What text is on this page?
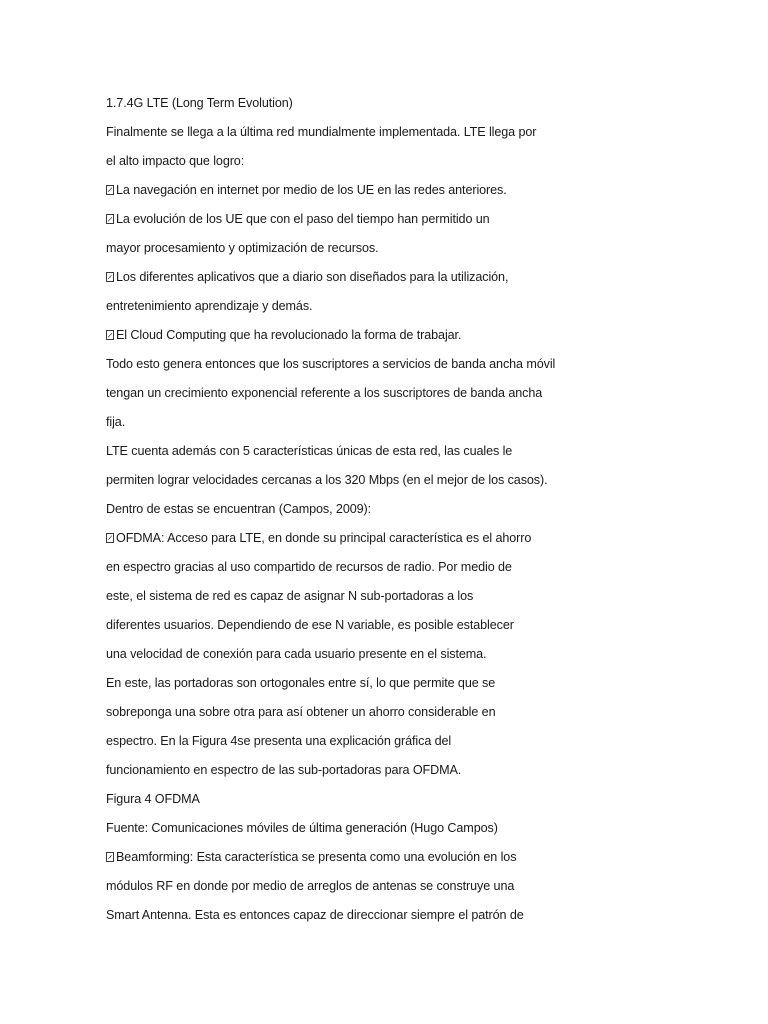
1.7.4G LTE (Long Term Evolution)
Finalmente se llega a la última red mundialmente implementada. LTE llega por
el alto impacto que logro:
La navegación en internet por medio de los UE en las redes anteriores.
La evolución de los UE que con el paso del tiempo han permitido un
mayor procesamiento y optimización de recursos.
Los diferentes aplicativos que a diario son diseñados para la utilización,
entretenimiento aprendizaje y demás.
El Cloud Computing que ha revolucionado la forma de trabajar.
Todo esto genera entonces que los suscriptores a servicios de banda ancha móvil
tengan un crecimiento exponencial referente a los suscriptores de banda ancha
fija.
LTE cuenta además con 5 características únicas de esta red, las cuales le
permiten lograr velocidades cercanas a los 320 Mbps (en el mejor de los casos).
Dentro de estas se encuentran (Campos, 2009):
OFDMA: Acceso para LTE, en donde su principal característica es el ahorro
en espectro gracias al uso compartido de recursos de radio. Por medio de
este, el sistema de red es capaz de asignar N sub-portadoras a los
diferentes usuarios. Dependiendo de ese N variable, es posible establecer
una velocidad de conexión para cada usuario presente en el sistema.
En este, las portadoras son ortogonales entre sí, lo que permite que se
sobreponga una sobre otra para así obtener un ahorro considerable en
espectro. En la Figura 4se presenta una explicación gráfica del
funcionamiento en espectro de las sub-portadoras para OFDMA.
Figura 4 OFDMA
Fuente: Comunicaciones móviles de última generación (Hugo Campos)
Beamforming: Esta característica se presenta como una evolución en los
módulos RF en donde por medio de arreglos de antenas se construye una
Smart Antenna. Esta es entonces capaz de direccionar siempre el patrón de
